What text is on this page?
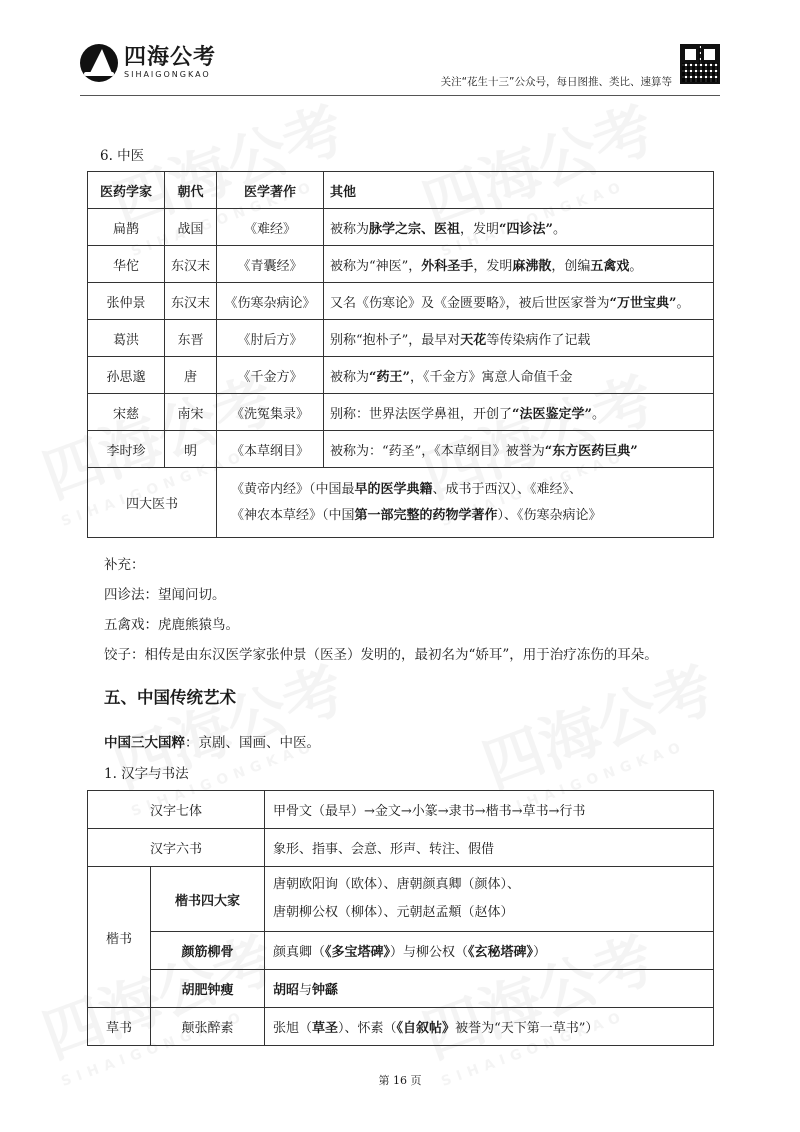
四海公考
SIHAIGONGKAO
关注“花生十三”公众号，每日图推、类比、速算等
6. 中医
医药学家	朝代	医学著作	其他
扁鹊	战国	《难经》	被称为脉学之宗、医祖，发明“四诊法”。
华佗	东汉末	《青囊经》	被称为“神医”，外科圣手，发明麻沸散，创编五禽戏。
张仲景	东汉末	《伤寒杂病论》	又名《伤寒论》及《金匮要略》，被后世医家誉为“万世宝典”。
葛洪	东晋	《肘后方》	别称“抱朴子”，最早对天花等传染病作了记载
孙思邈	唐	《千金方》	被称为“药王”，《千金方》寓意人命值千金
宋慈	南宋	《洗冤集录》	别称：世界法医学鼻祖，开创了“法医鉴定学”。
李时珍	明	《本草纲目》	被称为：“药圣”，《本草纲目》被誉为“东方医药巨典”
四大医书		《黄帝内经》（中国最早的医学典籍、成书于西汉）、《难经》、
《神农本草经》（中国第一部完整的药物学著作）、《伤寒杂病论》	
补充：
四诊法：望闻问切。
五禽戏：虎鹿熊猿鸟。
饺子：相传是由东汉医学家张仲景（医圣）发明的，最初名为“娇耳”，用于治疗冻伤的耳朵。
五、中国传统艺术
中国三大国粹：京剧、国画、中医。
1. 汉字与书法
汉字七体		甲骨文（最早）→金文→小篆→隶书→楷书→草书→行书
汉字六书		象形、指事、会意、形声、转注、假借
楷书	楷书四大家	唐朝欧阳询（欧体）、唐朝颜真卿（颜体）、
唐朝柳公权（柳体）、元朝赵孟頫（赵体）

	颜筋柳骨	颜真卿（《多宝塔碑》）与柳公权（《玄秘塔碑》）
	胡肥钟瘦	胡昭与钟繇
草书	颠张醉素	张旭（草圣）、怀素（《自叙帖》被誉为“天下第一草书”）
第 16 页
